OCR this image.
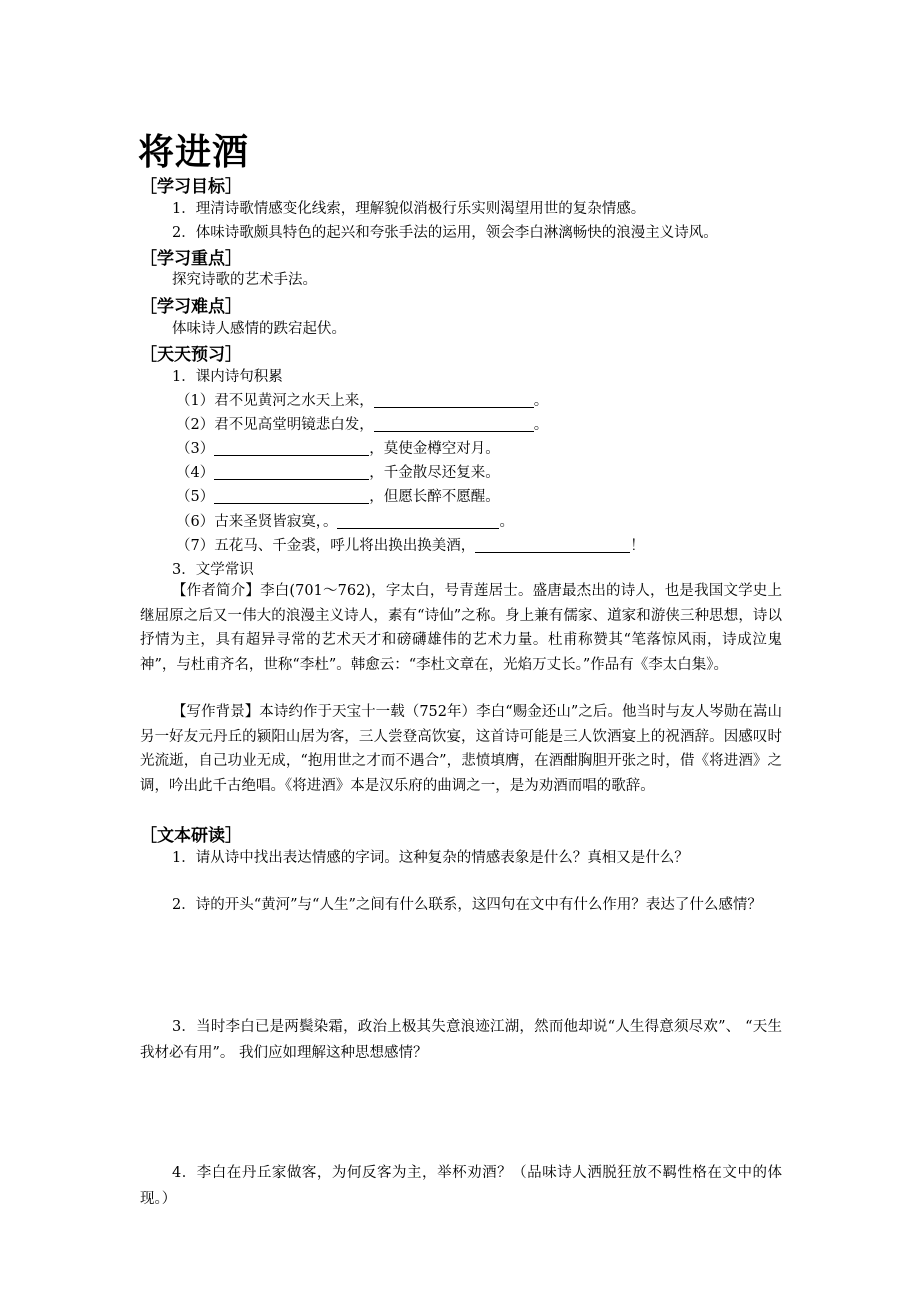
将进酒
［学习目标］
1．理清诗歌情感变化线索，理解貌似消极行乐实则渴望用世的复杂情感。
2．体味诗歌颇具特色的起兴和夸张手法的运用，领会李白淋漓畅快的浪漫主义诗风。
［学习重点］
探究诗歌的艺术手法。
［学习难点］
体味诗人感情的跌宕起伏。
［天天预习］
1．课内诗句积累
（1）君不见黄河之水天上来，	。
（2）君不见高堂明镜悲白发，	。
（3）	，莫使金樽空对月。
（4）	，千金散尽还复来。
（5）	，但愿长醉不愿醒。
（6）古来圣贤皆寂寞，。	。
（7）五花马、千金裘，呼儿将出换出换美酒，	！
3．文学常识
【作者简介】李白(701～762)，字太白，号青莲居士。盛唐最杰出的诗人，也是我国文学史上继屈原之后又一伟大的浪漫主义诗人，素有“诗仙”之称。身上兼有儒家、道家和游侠三种思想，诗以抒情为主，具有超异寻常的艺术天才和磅礴雄伟的艺术力量。杜甫称赞其“笔落惊风雨，诗成泣鬼神”，与杜甫齐名，世称“李杜”。韩愈云：“李杜文章在，光焰万丈长。”作品有《李太白集》。
【写作背景】本诗约作于天宝十一载（752年）李白“赐金还山”之后。他当时与友人岑勋在嵩山另一好友元丹丘的颍阳山居为客，三人尝登高饮宴，这首诗可能是三人饮酒宴上的祝酒辞。因感叹时光流逝，自己功业无成，“抱用世之才而不遇合”，悲愤填膺，在酒酣胸胆开张之时，借《将进酒》之调，吟出此千古绝唱。《将进酒》本是汉乐府的曲调之一，是为劝酒而唱的歌辞。
［文本研读］
1．请从诗中找出表达情感的字词。这种复杂的情感表象是什么？真相又是什么？
2．诗的开头“黄河”与“人生”之间有什么联系，这四句在文中有什么作用？表达了什么感情？
3．当时李白已是两鬓染霜，政治上极其失意浪迹江湖，然而他却说“人生得意须尽欢”、 “天生我材必有用”。 我们应如理解这种思想感情？
4．李白在丹丘家做客，为何反客为主，举杯劝酒？（品味诗人洒脱狂放不羁性格在文中的体现。）
